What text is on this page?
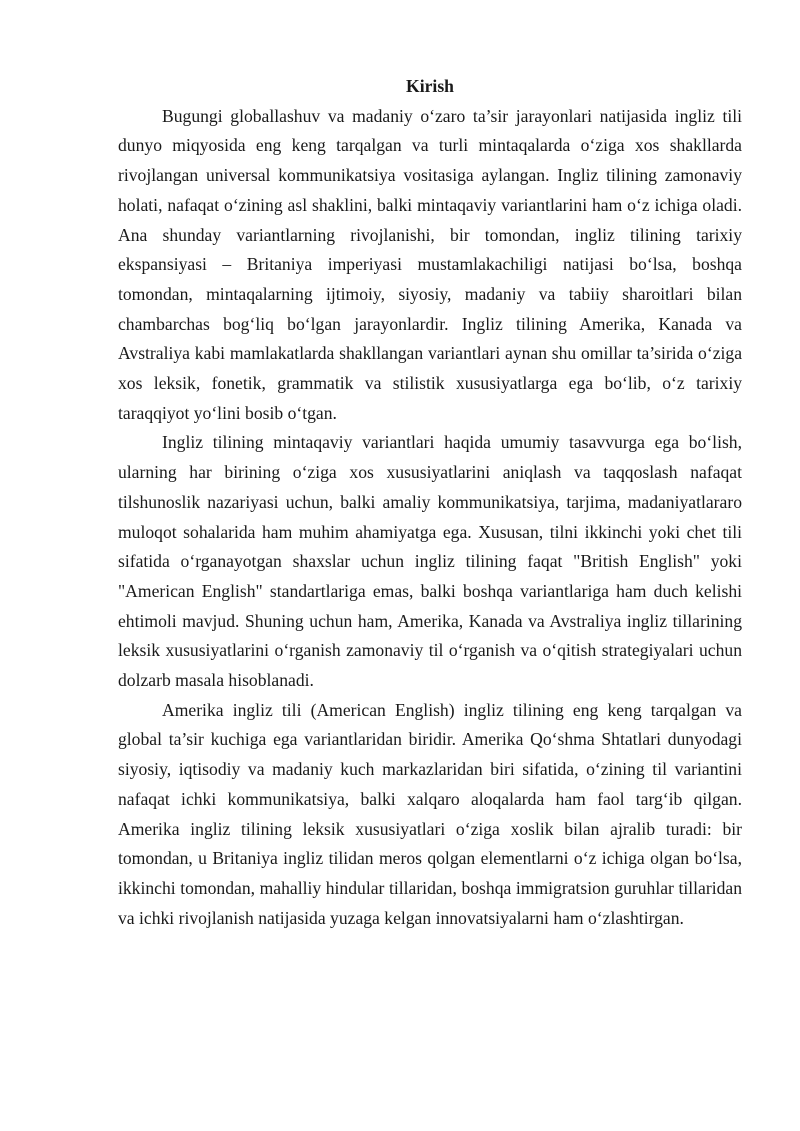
Kirish

Bugungi globallashuv va madaniy o‘zaro ta’sir jarayonlari natijasida ingliz tili dunyo miqyosida eng keng tarqalgan va turli mintaqalarda o‘ziga xos shakllarda rivojlangan universal kommunikatsiya vositasiga aylangan. Ingliz tilining zamonaviy holati, nafaqat o‘zining asl shaklini, balki mintaqaviy variantlarini ham o‘z ichiga oladi. Ana shunday variantlarning rivojlanishi, bir tomondan, ingliz tilining tarixiy ekspansiyasi – Britaniya imperiyasi mustamlakachiligi natijasi bo‘lsa, boshqa tomondan, mintaqalarning ijtimoiy, siyosiy, madaniy va tabiiy sharoitlari bilan chambarchas bog‘liq bo‘lgan jarayonlardir. Ingliz tilining Amerika, Kanada va Avstraliya kabi mamlakatlarda shakllangan variantlari aynan shu omillar ta’sirida o‘ziga xos leksik, fonetik, grammatik va stilistik xususiyatlarga ega bo‘lib, o‘z tarixiy taraqqiyot yo‘lini bosib o‘tgan.

Ingliz tilining mintaqaviy variantlari haqida umumiy tasavvurga ega bo‘lish, ularning har birining o‘ziga xos xususiyatlarini aniqlash va taqqoslash nafaqat tilshunoslik nazariyasi uchun, balki amaliy kommunikatsiya, tarjima, madaniyatlararo muloqot sohalarida ham muhim ahamiyatga ega. Xususan, tilni ikkinchi yoki chet tili sifatida o‘rganayotgan shaxslar uchun ingliz tilining faqat "British English" yoki "American English" standartlariga emas, balki boshqa variantlariga ham duch kelishi ehtimoli mavjud. Shuning uchun ham, Amerika, Kanada va Avstraliya ingliz tillarining leksik xususiyatlarini o‘rganish zamonaviy til o‘rganish va o‘qitish strategiyalari uchun dolzarb masala hisoblanadi.

Amerika ingliz tili (American English) ingliz tilining eng keng tarqalgan va global ta’sir kuchiga ega variantlaridan biridir. Amerika Qo‘shma Shtatlari dunyodagi siyosiy, iqtisodiy va madaniy kuch markazlaridan biri sifatida, o‘zining til variantini nafaqat ichki kommunikatsiya, balki xalqaro aloqalarda ham faol targ‘ib qilgan. Amerika ingliz tilining leksik xususiyatlari o‘ziga xoslik bilan ajralib turadi: bir tomondan, u Britaniya ingliz tilidan meros qolgan elementlarni o‘z ichiga olgan bo‘lsa, ikkinchi tomondan, mahalliy hindular tillaridan, boshqa immigratsion guruhlar tillaridan va ichki rivojlanish natijasida yuzaga kelgan innovatsiyalarni ham o‘zlashtirgan.
